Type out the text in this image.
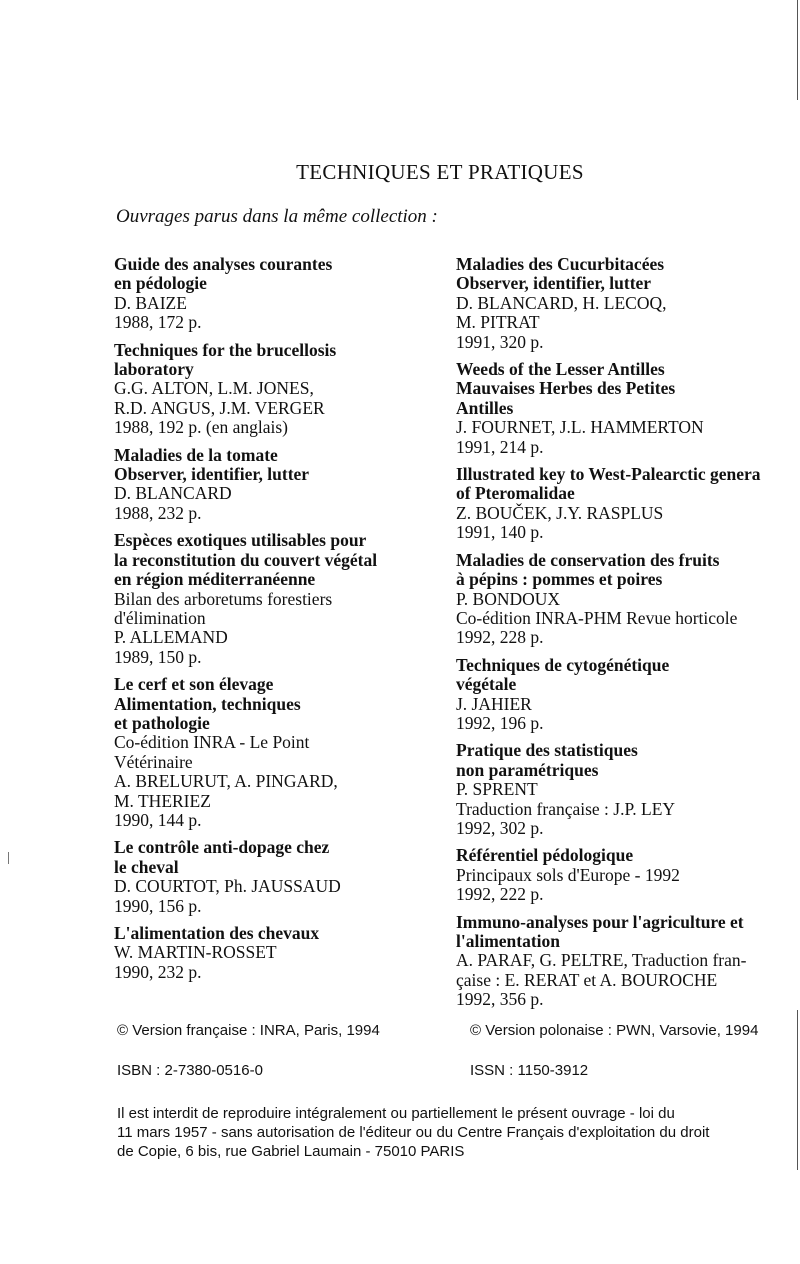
TECHNIQUES ET PRATIQUES
Ouvrages parus dans la même collection :
Guide des analyses courantes
en pédologie
D. BAIZE
1988, 172 p.
Techniques for the brucellosis
laboratory
G.G. ALTON, L.M. JONES,
R.D. ANGUS, J.M. VERGER
1988, 192 p. (en anglais)
Maladies de la tomate
Observer, identifier, lutter
D. BLANCARD
1988, 232 p.
Espèces exotiques utilisables pour
la reconstitution du couvert végétal
en région méditerranéenne
Bilan des arboretums forestiers
d'élimination
P. ALLEMAND
1989, 150 p.
Le cerf et son élevage
Alimentation, techniques
et pathologie
Co-édition INRA - Le Point
Vétérinaire
A. BRELURUT, A. PINGARD,
M. THERIEZ
1990, 144 p.
Le contrôle anti-dopage chez
le cheval
D. COURTOT, Ph. JAUSSAUD
1990, 156 p.
L'alimentation des chevaux
W. MARTIN-ROSSET
1990, 232 p.
Maladies des Cucurbitacées
Observer, identifier, lutter
D. BLANCARD, H. LECOQ,
M. PITRAT
1991, 320 p.
Weeds of the Lesser Antilles
Mauvaises Herbes des Petites
Antilles
J. FOURNET, J.L. HAMMERTON
1991, 214 p.
Illustrated key to West-Palearctic genera
of Pteromalidae
Z. BOUČEK, J.Y. RASPLUS
1991, 140 p.
Maladies de conservation des fruits
à pépins : pommes et poires
P. BONDOUX
Co-édition INRA-PHM Revue horticole
1992, 228 p.
Techniques de cytogénétique
végétale
J. JAHIER
1992, 196 p.
Pratique des statistiques
non paramétriques
P. SPRENT
Traduction française : J.P. LEY
1992, 302 p.
Référentiel pédologique
Principaux sols d'Europe - 1992
1992, 222 p.
Immuno-analyses pour l'agriculture et
l'alimentation
A. PARAF, G. PELTRE, Traduction fran-
çaise : E. RERAT et A. BOUROCHE
1992, 356 p.
© Version française : INRA, Paris, 1994	© Version polonaise : PWN, Varsovie, 1994
ISBN : 2-7380-0516-0	ISSN : 1150-3912
Il est interdit de reproduire intégralement ou partiellement le présent ouvrage - loi du
11 mars 1957 - sans autorisation de l'éditeur ou du Centre Français d'exploitation du droit
de Copie, 6 bis, rue Gabriel Laumain - 75010 PARIS
